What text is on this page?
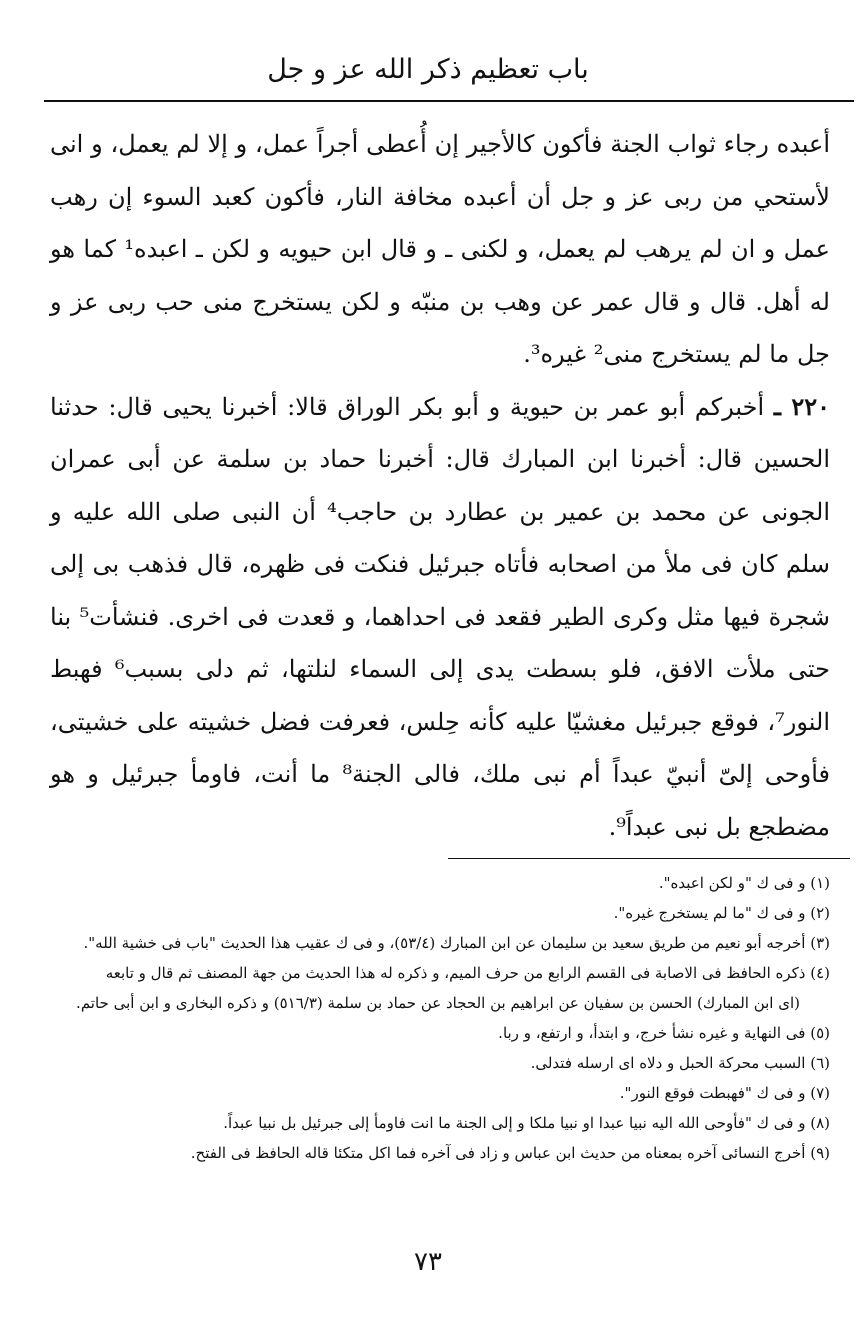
باب تعظيم ذكر الله عز و جل

أعبده رجاء ثواب الجنة فأكون كالأجير إن أُعطى أجراً عمل، و إلا لم يعمل، و انى لأستحي من ربى عز و جل أن أعبده مخافة النار، فأكون كعبد السوء إن رهب عمل و ان لم يرهب لم يعمل، و لكنى ـ و قال ابن حيويه و لكن ـ اعبده¹ كما هو له أهل. قال و قال عمر عن وهب بن منبّه و لكن يستخرج منى حب ربى عز و جل ما لم يستخرج منى² غيره³.

٢٢٠ ـ أخبركم أبو عمر بن حيوية و أبو بكر الوراق قالا: أخبرنا يحيى قال: حدثنا الحسين قال: أخبرنا ابن المبارك قال: أخبرنا حماد بن سلمة عن أبى عمران الجونى عن محمد بن عمير بن عطارد بن حاجب⁴ أن النبى صلى الله عليه و سلم كان فى ملأ من اصحابه فأتاه جبرئيل فنكت فى ظهره، قال فذهب بى إلى شجرة فيها مثل وكرى الطير فقعد فى احداهما، و قعدت فى اخرى. فنشأت⁵ بنا حتى ملأت الافق، فلو بسطت يدى إلى السماء لنلتها، ثم دلى بسبب⁶ فهبط النور⁷، فوقع جبرئيل مغشيّا عليه كأنه حِلس، فعرفت فضل خشيته على خشيتى، فأوحى إلىّ أنبيّ عبداً أم نبى ملك، فالى الجنة⁸ ما أنت، فاومأ جبرئيل و هو مضطجع بل نبى عبداً⁹.

(١) و فى ك "و لكن اعبده".
(٢) و فى ك "ما لم يستخرج غيره".
(٣) أخرجه أبو نعيم من طريق سعيد بن سليمان عن ابن المبارك (٥٣/٤)، و فى ك عقيب هذا الحديث "باب فى خشية الله".
(٤) ذكره الحافظ فى الاصابة فى القسم الرابع من حرف الميم، و ذكره له هذا الحديث من جهة المصنف ثم قال و تابعه
(اى ابن المبارك) الحسن بن سفيان عن ابراهيم بن الحجاد عن حماد بن سلمة (٥١٦/٣) و ذكره البخارى و ابن أبى حاتم.
(٥) فى النهاية و غيره نشأ خرج، و ابتدأ، و ارتفع، و ربا.
(٦) السبب محركة الحبل و دلاه اى ارسله فتدلى.
(٧) و فى ك "فهبطت فوقع النور".
(٨) و فى ك "فأوحى الله اليه نبيا عبدا او نبيا ملكا و إلى الجنة ما انت فاومأ إلى جبرئيل بل نبيا عبداً.
(٩) أخرج النسائى آخره بمعناه من حديث ابن عباس و زاد فى آخره فما اكل متكئا قاله الحافظ فى الفتح.
٧٣
